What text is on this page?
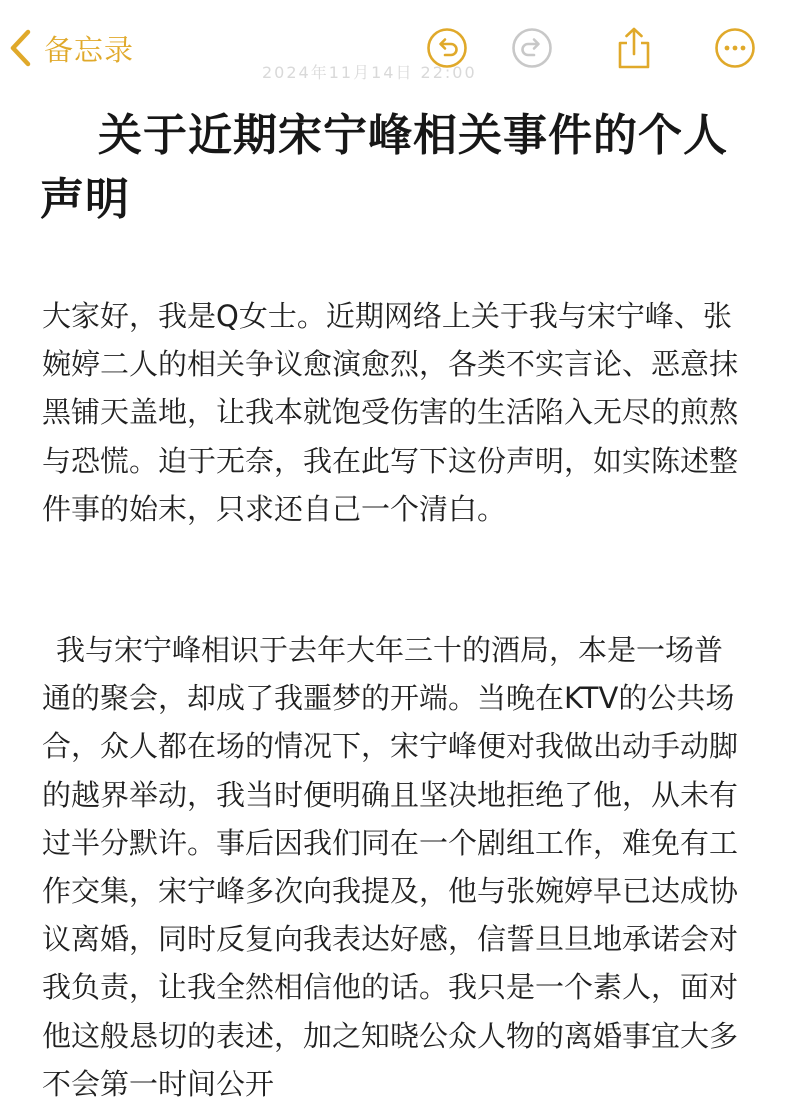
备忘录
2024年11月14日 22:00
关于近期宋宁峰相关事件的个人声明

大家好，我是Q女士。近期网络上关于我与宋宁峰、张婉婷二人的相关争议愈演愈烈，各类不实言论、恶意抹黑铺天盖地，让我本就饱受伤害的生活陷入无尽的煎熬与恐慌。迫于无奈，我在此写下这份声明，如实陈述整件事的始末，只求还自己一个清白。

我与宋宁峰相识于去年大年三十的酒局，本是一场普通的聚会，却成了我噩梦的开端。当晚在KTV的公共场合，众人都在场的情况下，宋宁峰便对我做出动手动脚的越界举动，我当时便明确且坚决地拒绝了他，从未有过半分默许。事后因我们同在一个剧组工作，难免有工作交集，宋宁峰多次向我提及，他与张婉婷早已达成协议离婚，同时反复向我表达好感，信誓旦旦地承诺会对我负责，让我全然相信他的话。我只是一个素人，面对他这般恳切的表述，加之知晓公众人物的离婚事宜大多不会第一时间公开
